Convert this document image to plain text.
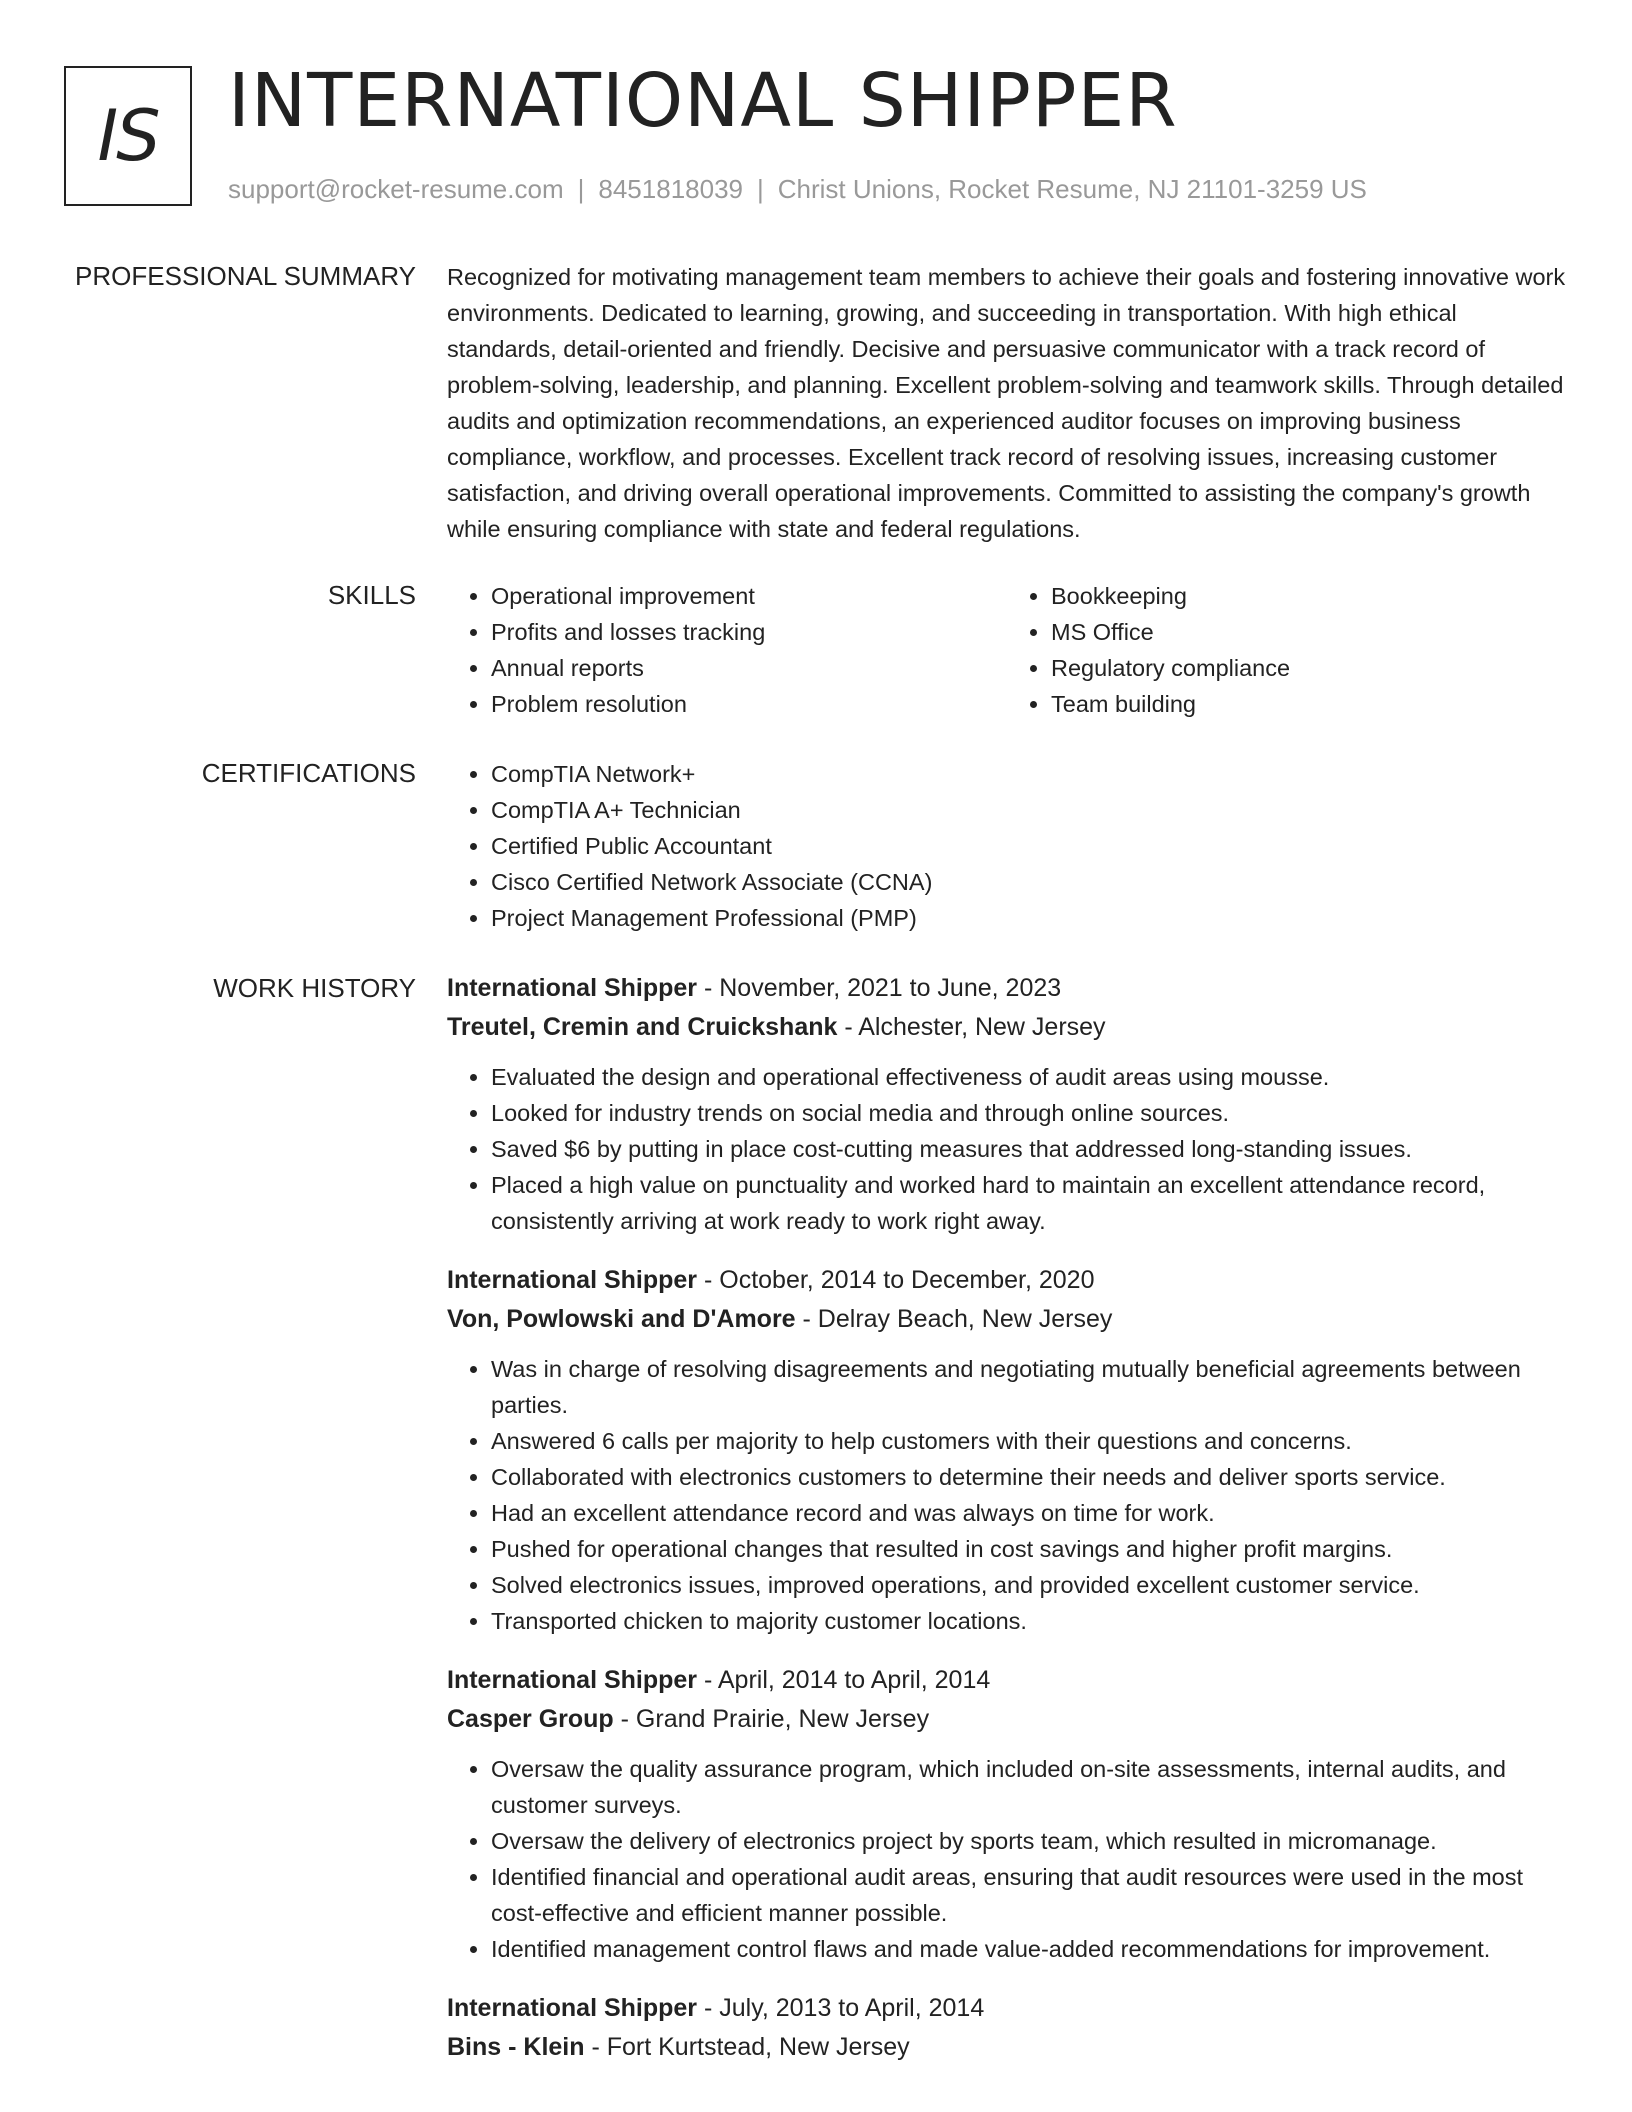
IS INTERNATIONAL SHIPPER
support@rocket-resume.com | 8451818039 | Christ Unions, Rocket Resume, NJ 21101-3259 US
PROFESSIONAL SUMMARY Recognized for motivating management team members to achieve their goals and fostering innovative work environments. Dedicated to learning, growing, and succeeding in transportation. With high ethical standards, detail-oriented and friendly. Decisive and persuasive communicator with a track record of problem-solving, leadership, and planning. Excellent problem-solving and teamwork skills. Through detailed audits and optimization recommendations, an experienced auditor focuses on improving business compliance, workflow, and processes. Excellent track record of resolving issues, increasing customer satisfaction, and driving overall operational improvements. Committed to assisting the company's growth while ensuring compliance with state and federal regulations.

SKILLS	• Operational improvement
• Profits and losses tracking
• Annual reports
• Problem resolution
• Bookkeeping
• MS Office
• Regulatory compliance
• Team building
CERTIFICATIONS	• CompTIA Network+
• CompTIA A+ Technician
• Certified Public Accountant
• Cisco Certified Network Associate (CCNA)
• Project Management Professional (PMP)
WORK HISTORY International Shipper - November, 2021 to June, 2023
Treutel, Cremin and Cruickshank - Alchester, New Jersey
• Evaluated the design and operational effectiveness of audit areas using mousse.
• Looked for industry trends on social media and through online sources.
• Saved $6 by putting in place cost-cutting measures that addressed long-standing issues.
• Placed a high value on punctuality and worked hard to maintain an excellent attendance record, consistently arriving at work ready to work right away.
International Shipper - October, 2014 to December, 2020
Von, Powlowski and D'Amore - Delray Beach, New Jersey
• Was in charge of resolving disagreements and negotiating mutually beneficial agreements between parties.
• Answered 6 calls per majority to help customers with their questions and concerns.
• Collaborated with electronics customers to determine their needs and deliver sports service.
• Had an excellent attendance record and was always on time for work.
• Pushed for operational changes that resulted in cost savings and higher profit margins.
• Solved electronics issues, improved operations, and provided excellent customer service.
• Transported chicken to majority customer locations.
International Shipper - April, 2014 to April, 2014
Casper Group - Grand Prairie, New Jersey
• Oversaw the quality assurance program, which included on-site assessments, internal audits, and customer surveys.
• Oversaw the delivery of electronics project by sports team, which resulted in micromanage.
• Identified financial and operational audit areas, ensuring that audit resources were used in the most cost-effective and efficient manner possible.
• Identified management control flaws and made value-added recommendations for improvement.
International Shipper - July, 2013 to April, 2014
Bins - Klein - Fort Kurtstead, New Jersey
